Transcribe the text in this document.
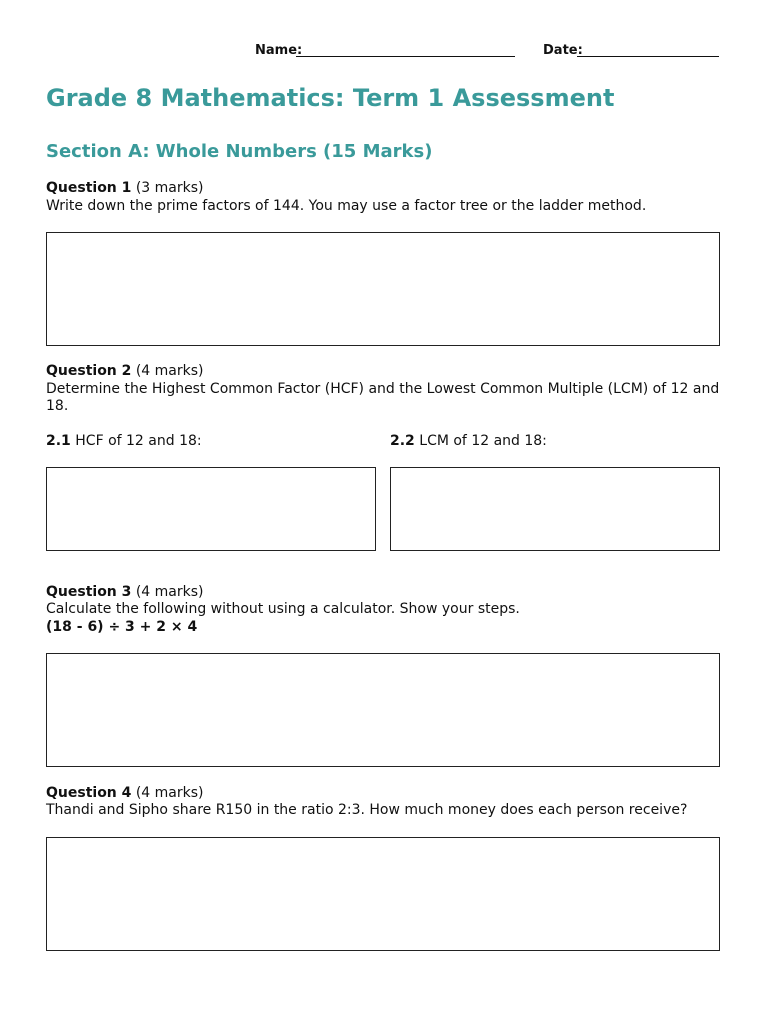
Name:	Date:
Grade 8 Mathematics: Term 1 Assessment
Section A: Whole Numbers (15 Marks)
Question 1 (3 marks)
Write down the prime factors of 144. You may use a factor tree or the ladder method.
Question 2 (4 marks)
Determine the Highest Common Factor (HCF) and the Lowest Common Multiple (LCM) of 12 and 18.
2.1 HCF of 12 and 18:	2.2 LCM of 12 and 18:
Question 3 (4 marks)
Calculate the following without using a calculator. Show your steps.
(18 - 6) ÷ 3 + 2 × 4
Question 4 (4 marks)
Thandi and Sipho share R150 in the ratio 2:3. How much money does each person receive?
